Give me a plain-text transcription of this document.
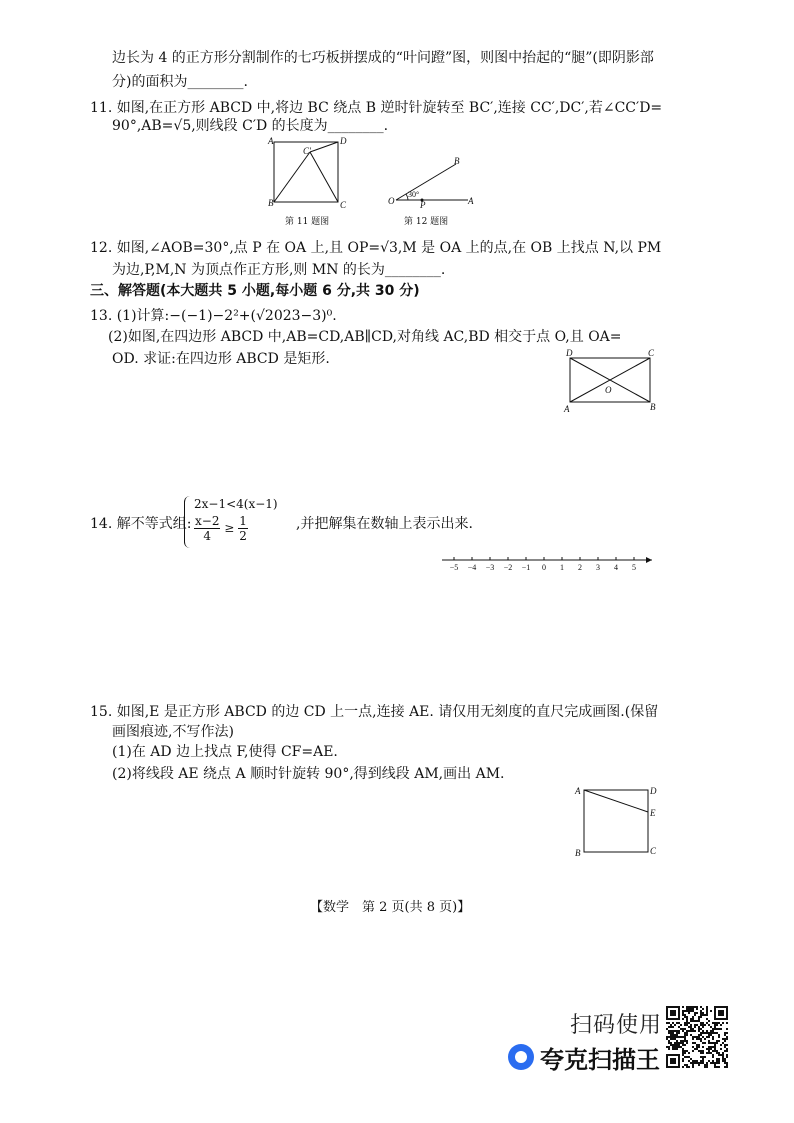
边长为 4 的正方形分割制作的七巧板拼摆成的“叶问蹬”图，则图中抬起的“腿”(即阴影部
分)的面积为________.
11. 如图,在正方形 ABCD 中,将边 BC 绕点 B 逆时针旋转至 BC′,连接 CC′,DC′,若∠CC′D=
90°,AB=√5,则线段 C′D 的长度为________.
A	D
B	C
C′
第 11 题图
O	A
B
P
30°
第 12 题图
12. 如图,∠AOB=30°,点 P 在 OA 上,且 OP=√3,M 是 OA 上的点,在 OB 上找点 N,以 PM
为边,P,M,N 为顶点作正方形,则 MN 的长为________.
三、解答题(本大题共 5 小题,每小题 6 分,共 30 分)
13. (1)计算:−(−1)−2²+(√2023−3)⁰.
(2)如图,在四边形 ABCD 中,AB=CD,AB∥CD,对角线 AC,BD 相交于点 O,且 OA=
OD. 求证:在四边形 ABCD 是矩形.	D	C
A	B
O
14. 解不等式组:
2x−1<4(x−1)
$\frac{x-2}{4} \ge \frac{1}{2}$	,并把解集在数轴上表示出来.
−5 −4 −3 −2 −1 0 1 2 3 4 5
15. 如图,E 是正方形 ABCD 的边 CD 上一点,连接 AE. 请仅用无刻度的直尺完成画图.(保留
画图痕迹,不写作法)
(1)在 AD 边上找点 F,使得 CF=AE.
(2)将线段 AE 绕点 A 顺时针旋转 90°,得到线段 AM,画出 AM.
A	D
E
B	C
【数学　第 2 页(共 8 页)】
扫码使用
夸克扫描王
